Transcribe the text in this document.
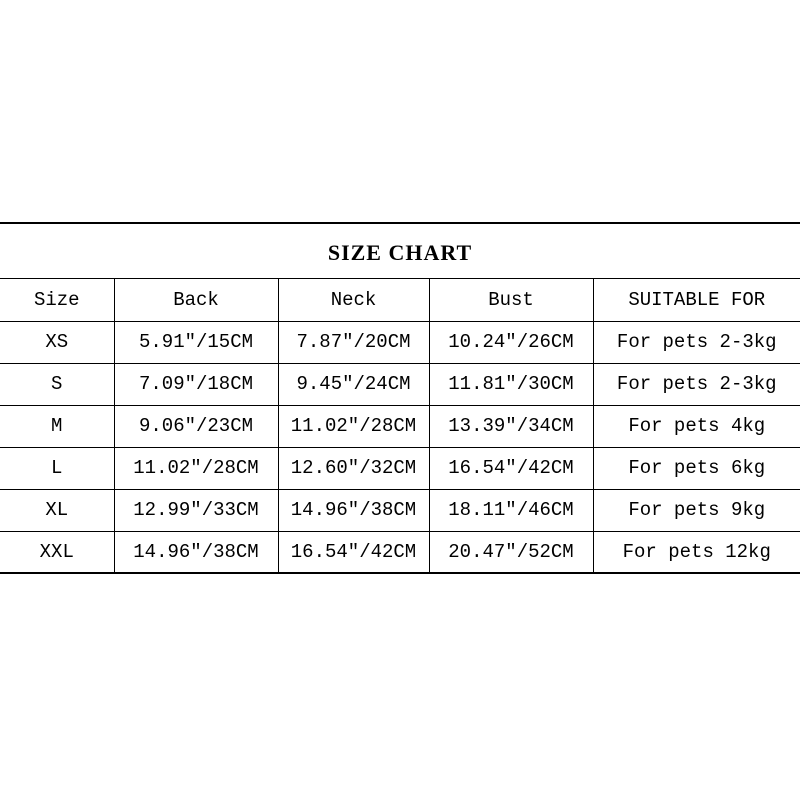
SIZE CHART
Size	Back	Neck	Bust	SUITABLE FOR
XS	5.91″/15CM	7.87″/20CM	10.24″/26CM	For pets 2-3kg
S	7.09″/18CM	9.45″/24CM	11.81″/30CM	For pets 2-3kg
M	9.06″/23CM	11.02″/28CM	13.39″/34CM	For pets 4kg
L	11.02″/28CM	12.60″/32CM	16.54″/42CM	For pets 6kg
XL	12.99″/33CM	14.96″/38CM	18.11″/46CM	For pets 9kg
XXL	14.96″/38CM	16.54″/42CM	20.47″/52CM	For pets 12kg
